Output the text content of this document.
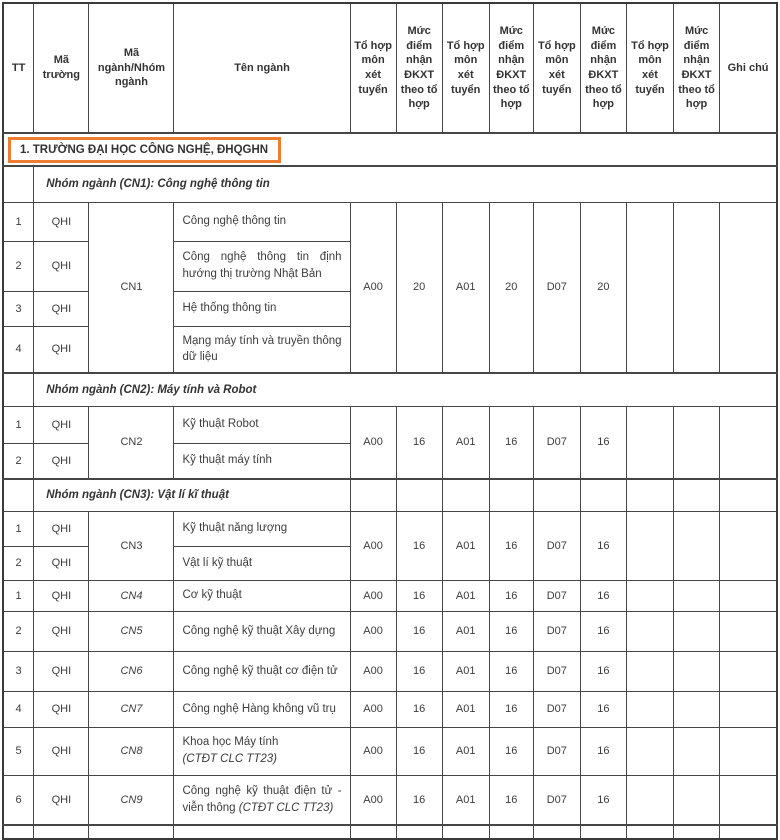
TT	Mã trường	Mã ngành/Nhóm ngành	Tên ngành	Tổ hợp môn xét tuyển	Mức điểm nhận ĐKXT theo tổ hợp	Tổ hợp môn xét tuyển	Mức điểm nhận ĐKXT theo tổ hợp	Tổ hợp môn xét tuyển	Mức điểm nhận ĐKXT theo tổ hợp	Tổ hợp môn xét tuyển	Mức điểm nhận ĐKXT theo tổ hợp	Ghi chú
1. TRƯỜNG ĐẠI HỌC CÔNG NGHỆ, ĐHQGHN												
	Nhóm ngành (CN1): Công nghệ thông tin											
1	QHI	CN1	Công nghệ thông tin	A00	20	A01	20	D07	20			
2	QHI		Công nghệ thông tin định hướng thị trường Nhật Bản									
3	QHI		Hệ thống thông tin									
4	QHI		Mạng máy tính và truyền thông dữ liệu									
	Nhóm ngành (CN2): Máy tính và Robot											
1	QHI	CN2	Kỹ thuật Robot	A00	16	A01	16	D07	16			
2	QHI		Kỹ thuật máy tính									
	Nhóm ngành (CN3): Vật lí kĩ thuật											
1	QHI	CN3	Kỹ thuật năng lượng	A00	16	A01	16	D07	16			
2	QHI		Vật lí kỹ thuật									
1	QHI	CN4	Cơ kỹ thuật	A00	16	A01	16	D07	16			
2	QHI	CN5	Công nghệ kỹ thuật Xây dựng	A00	16	A01	16	D07	16			
3	QHI	CN6	Công nghệ kỹ thuật cơ điện tử	A00	16	A01	16	D07	16			
4	QHI	CN7	Công nghệ Hàng không vũ trụ	A00	16	A01	16	D07	16			
5	QHI	CN8	Khoa học Máy tính
(CTĐT CLC TT23)	A00	16	A01	16	D07	16			
6	QHI	CN9	Công nghệ kỹ thuật điện tử - viễn thông (CTĐT CLC TT23)	A00	16	A01	16	D07	16			
